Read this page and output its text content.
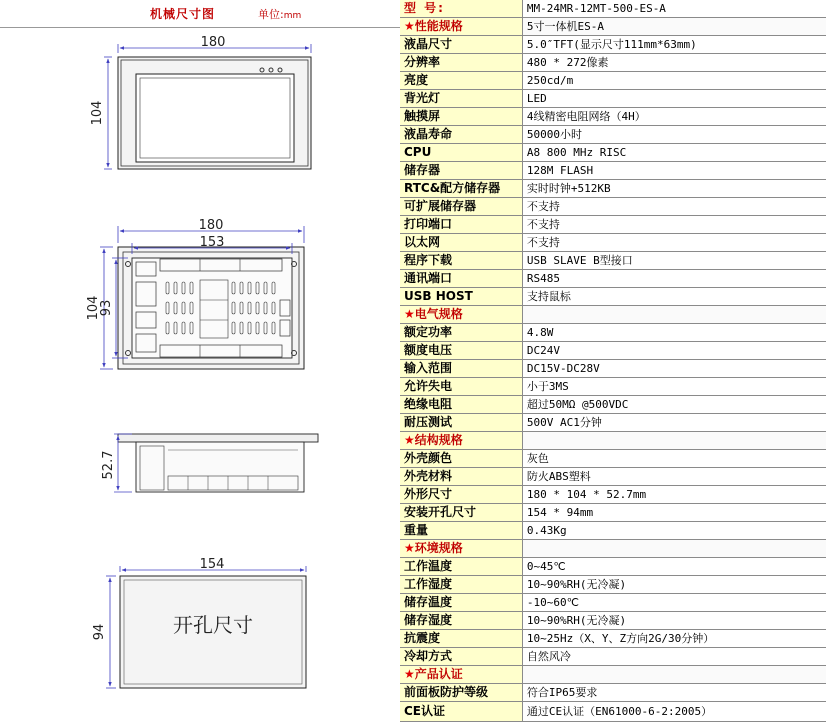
机械尺寸图	单位:mm
180
104
180
153
104
93
52.7
154
94	开孔尺寸
型 号:	MM-24MR-12MT-500-ES-A
★性能规格	5寸一体机ES-A
液晶尺寸	5.0″TFT(显示尺寸111mm*63mm)
分辨率	480 * 272像素
亮度	250cd/m
背光灯	LED
触摸屏	4线精密电阻网络（4H）
液晶寿命	50000小时
CPU	A8 800 MHz RISC
储存器	128M FLASH
RTC&配方储存器	实时时钟+512KB
可扩展储存器	不支持
打印端口	不支持
以太网	不支持
程序下载	USB SLAVE B型接口
通讯端口	RS485
USB HOST	支持鼠标
★电气规格	
额定功率	4.8W
额度电压	DC24V
输入范围	DC15V-DC28V
允许失电	小于3MS
绝缘电阻	超过50MΩ @500VDC
耐压测试	500V AC1分钟
★结构规格	
外壳颜色	灰色
外壳材料	防火ABS塑料
外形尺寸	180 * 104 * 52.7mm
安装开孔尺寸	154 * 94mm
重量	0.43Kg
★环境规格	
工作温度	0~45℃
工作湿度	10~90%RH(无冷凝)
储存温度	-10~60℃
储存湿度	10~90%RH(无冷凝)
抗震度	10~25Hz（X、Y、Z方向2G/30分钟）
冷却方式	自然风冷
★产品认证	
前面板防护等级	符合IP65要求
CE认证	通过CE认证（EN61000-6-2:2005）
